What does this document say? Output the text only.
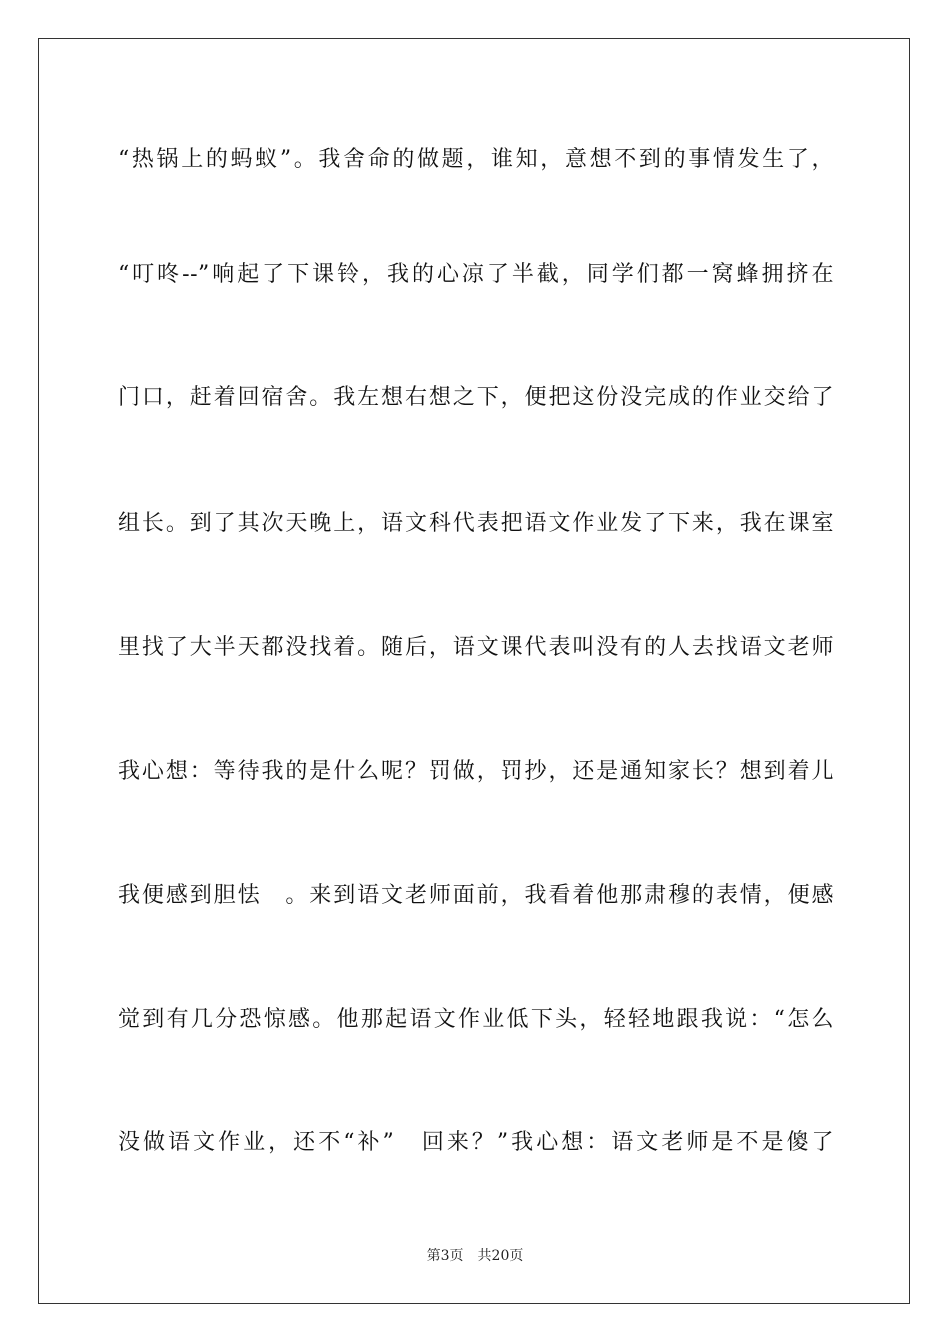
“热锅上的蚂蚁”。我舍命的做题，谁知，意想不到的事情发生了，
“叮咚--”响起了下课铃，我的心凉了半截，同学们都一窝蜂拥挤在
门口，赶着回宿舍。我左想右想之下，便把这份没完成的作业交给了
组长。到了其次天晚上，语文科代表把语文作业发了下来，我在课室
里找了大半天都没找着。随后，语文课代表叫没有的人去找语文老师
我心想：等待我的是什么呢？罚做，罚抄，还是通知家长？想到着儿
我便感到胆怯　。来到语文老师面前，我看着他那肃穆的表情，便感
觉到有几分恐惊感。他那起语文作业低下头，轻轻地跟我说：“怎么
没做语文作业，还不“补”　回来？”我心想：语文老师是不是傻了
第3页　共20页
